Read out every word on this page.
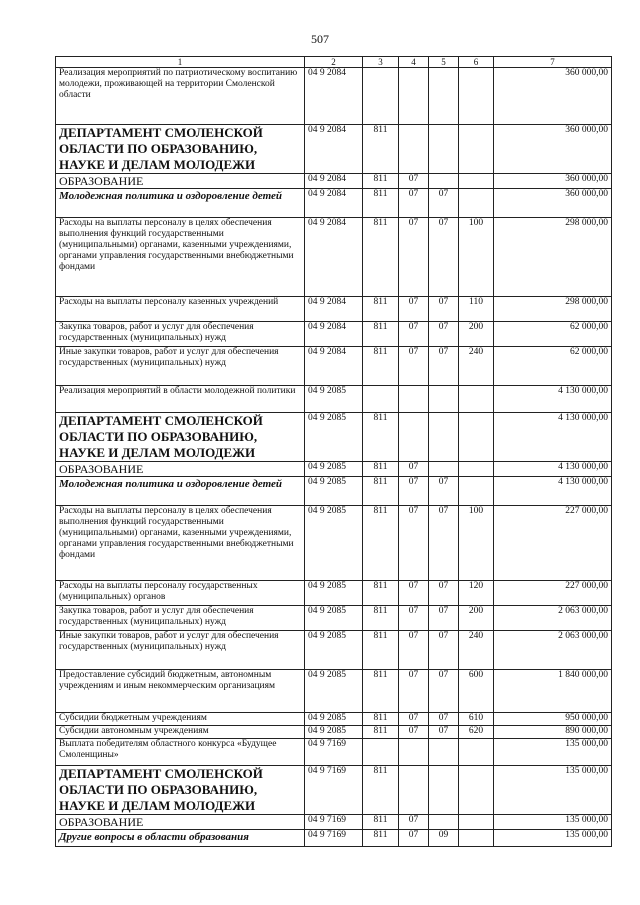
507
1	2	3	4	5	6	7
Реализация мероприятий по патриотическому воспитанию молодежи, проживающей на территории Смоленской области	04 9 2084					360 000,00
ДЕПАРТАМЕНТ СМОЛЕНСКОЙ ОБЛАСТИ ПО ОБРАЗОВАНИЮ, НАУКЕ И ДЕЛАМ МОЛОДЕЖИ	04 9 2084	811				360 000,00
ОБРАЗОВАНИЕ	04 9 2084	811	07			360 000,00
Молодежная политика и оздоровление детей	04 9 2084	811	07	07		360 000,00
Расходы на выплаты персоналу в целях обеспечения выполнения функций государственными (муниципальными) органами, казенными учреждениями, органами управления государственными внебюджетными фондами	04 9 2084	811	07	07	100	298 000,00
Расходы на выплаты персоналу казенных учреждений	04 9 2084	811	07	07	110	298 000,00
Закупка товаров, работ и услуг для обеспечения государственных (муниципальных) нужд	04 9 2084	811	07	07	200	62 000,00
Иные закупки товаров, работ и услуг для обеспечения государственных (муниципальных) нужд	04 9 2084	811	07	07	240	62 000,00
Реализация мероприятий в области молодежной политики	04 9 2085					4 130 000,00
ДЕПАРТАМЕНТ СМОЛЕНСКОЙ ОБЛАСТИ ПО ОБРАЗОВАНИЮ, НАУКЕ И ДЕЛАМ МОЛОДЕЖИ	04 9 2085	811				4 130 000,00
ОБРАЗОВАНИЕ	04 9 2085	811	07			4 130 000,00
Молодежная политика и оздоровление детей	04 9 2085	811	07	07		4 130 000,00
Расходы на выплаты персоналу в целях обеспечения выполнения функций государственными (муниципальными) органами, казенными учреждениями, органами управления государственными внебюджетными фондами	04 9 2085	811	07	07	100	227 000,00
Расходы на выплаты персоналу государственных (муниципальных) органов	04 9 2085	811	07	07	120	227 000,00
Закупка товаров, работ и услуг для обеспечения государственных (муниципальных) нужд	04 9 2085	811	07	07	200	2 063 000,00
Иные закупки товаров, работ и услуг для обеспечения государственных (муниципальных) нужд	04 9 2085	811	07	07	240	2 063 000,00
Предоставление субсидий бюджетным, автономным учреждениям и иным некоммерческим организациям	04 9 2085	811	07	07	600	1 840 000,00
Субсидии бюджетным учреждениям	04 9 2085	811	07	07	610	950 000,00
Субсидии автономным учреждениям	04 9 2085	811	07	07	620	890 000,00
Выплата победителям областного конкурса «Будущее Смоленщины»	04 9 7169					135 000,00
ДЕПАРТАМЕНТ СМОЛЕНСКОЙ ОБЛАСТИ ПО ОБРАЗОВАНИЮ, НАУКЕ И ДЕЛАМ МОЛОДЕЖИ	04 9 7169	811				135 000,00
ОБРАЗОВАНИЕ	04 9 7169	811	07			135 000,00
Другие вопросы в области образования	04 9 7169	811	07	09		135 000,00
